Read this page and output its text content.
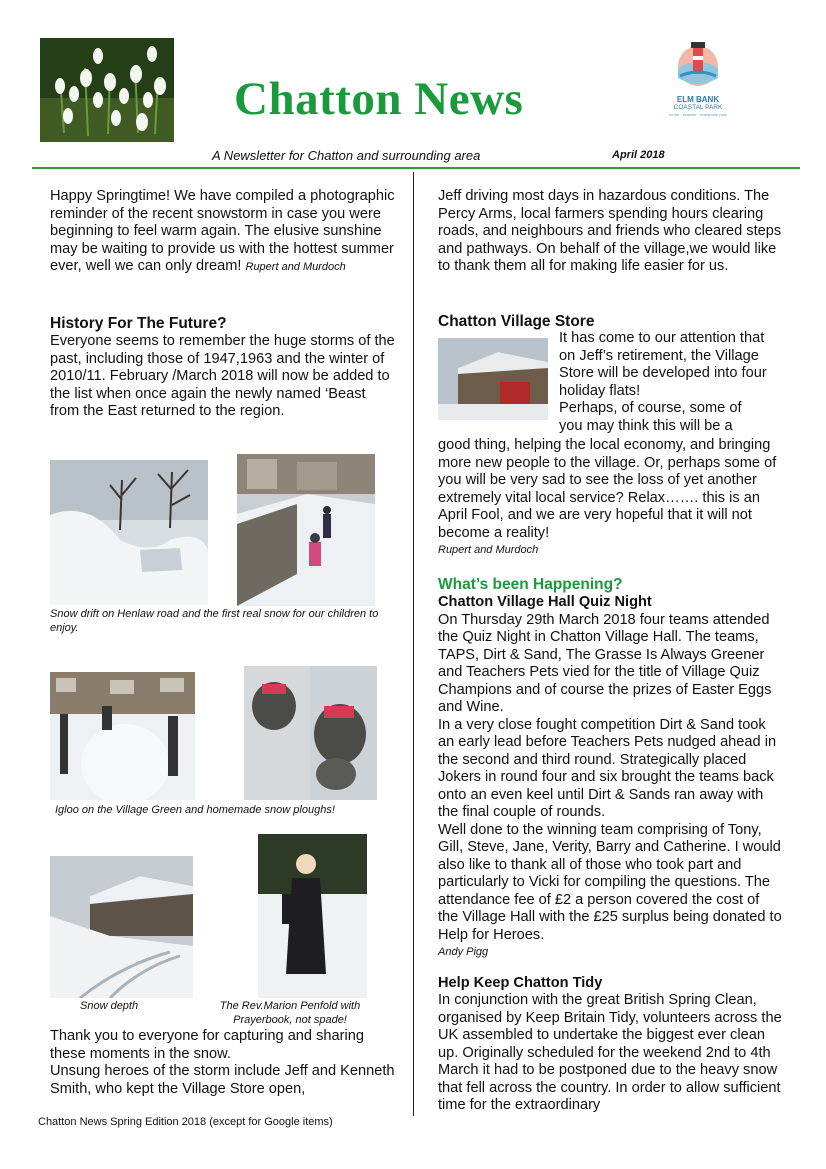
Chatton News	ELM BANK
COASTAL PARK
rental · seaside · residential park
A Newsletter for Chatton and surrounding area	April 2018

Happy Springtime! We have compiled a photographic reminder of the recent snowstorm in case you were beginning to feel warm again. The elusive sunshine may be waiting to provide us with the hottest summer ever, well we can only dream! Rupert and Murdoch

History For The Future?

Everyone seems to remember the huge storms of the past, including those of 1947,1963 and the winter of 2010/11. February /March 2018 will now be added to the list when once again the newly named ‘Beast from the East returned to the region.

Snow drift on Henlaw road and the first real snow for our children to enjoy.
Igloo on the Village Green and homemade snow ploughs!
Snow depth	The Rev.Marion Penfold with Prayerbook, not spade!

Thank you to everyone for capturing and sharing these moments in the snow.

Unsung heroes of the storm include Jeff and Kenneth Smith, who kept the Village Store open,

Jeff driving most days in hazardous conditions. The Percy Arms, local farmers spending hours clearing roads, and neighbours and friends who cleared steps and pathways. On behalf of the village,we would like to thank them all for making life easier for us.

Chatton Village Store

It has come to our attention that

on Jeff’s retirement, the Village

Store will be developed into four

holiday flats!

Perhaps, of course, some of

you may think this will be a

good thing, helping the local economy, and bringing more new people to the village. Or, perhaps some of you will be very sad to see the loss of yet another extremely vital local service? Relax……. this is an April Fool, and we are very hopeful that it will not become a reality!

Rupert and Murdoch
What’s been Happening?
Chatton Village Hall Quiz Night

On Thursday 29th March 2018 four teams attended the Quiz Night in Chatton Village Hall. The teams, TAPS, Dirt & Sand, The Grasse Is Always Greener and Teachers Pets vied for the title of Village Quiz Champions and of course the prizes of Easter Eggs and Wine.

In a very close fought competition Dirt & Sand took an early lead before Teachers Pets nudged ahead in the second and third round. Strategically placed Jokers in round four and six brought the teams back onto an even keel until Dirt & Sands ran away with the final couple of rounds.

Well done to the winning team comprising of Tony, Gill, Steve, Jane, Verity, Barry and Catherine. I would also like to thank all of those who took part and particularly to Vicki for compiling the questions. The attendance fee of £2 a person covered the cost of the Village Hall with the £25 surplus being donated to Help for Heroes.

Andy Pigg
Help Keep Chatton Tidy

In conjunction with the great British Spring Clean, organised by Keep Britain Tidy, volunteers across the UK assembled to undertake the biggest ever clean up. Originally scheduled for the weekend 2nd to 4th March it had to be postponed due to the heavy snow that fell across the country. In order to allow sufficient time for the extraordinary

Chatton News Spring Edition 2018 (except for Google items)
